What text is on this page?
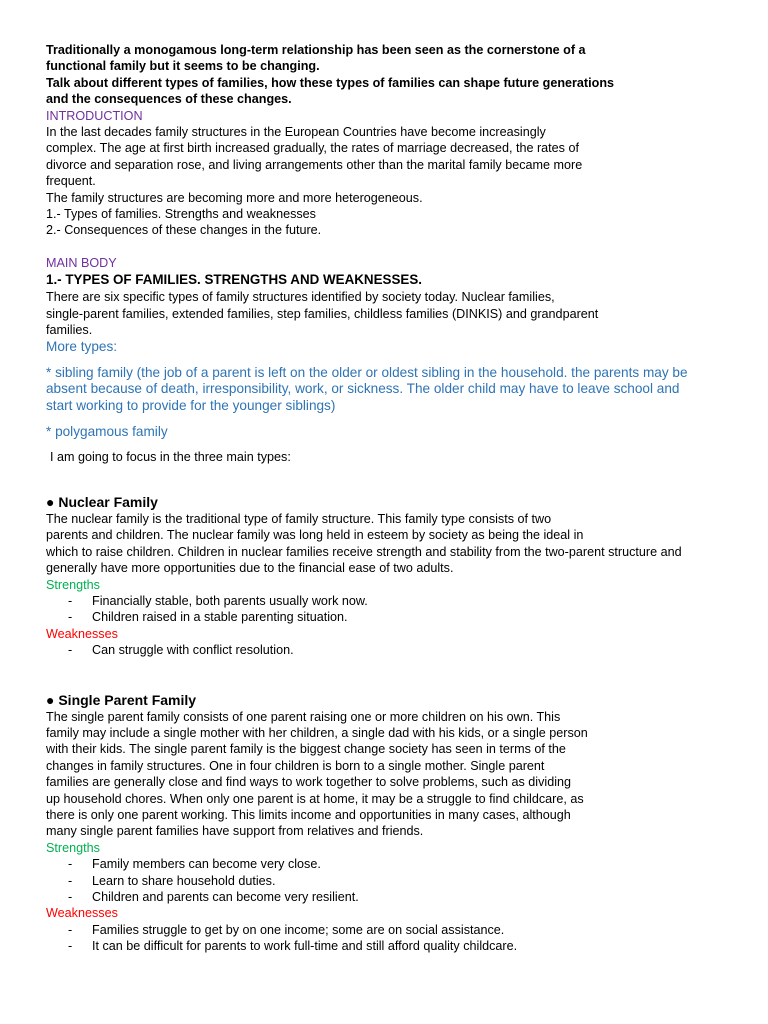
Traditionally a monogamous long-term relationship has been seen as the cornerstone of a

functional family but it seems to be changing.

Talk about different types of families, how these types of families can shape future generations

and the consequences of these changes.

INTRODUCTION

In the last decades family structures in the European Countries have become increasingly

complex. The age at first birth increased gradually, the rates of marriage decreased, the rates of

divorce and separation rose, and living arrangements other than the marital family became more

frequent.

The family structures are becoming more and more heterogeneous.

1.- Types of families. Strengths and weaknesses

2.- Consequences of these changes in the future.

MAIN BODY

1.- TYPES OF FAMILIES. STRENGTHS AND WEAKNESSES.

There are six specific types of family structures identified by society today. Nuclear families,

single-parent families, extended families, step families, childless families (DINKIS) and grandparent

families.

More types:

* sibling family (the job of a parent is left on the older or oldest sibling in the household. the parents may be

absent because of death, irresponsibility, work, or sickness. The older child may have to leave school and

start working to provide for the younger siblings)

* polygamous family

I am going to focus in the three main types:

● Nuclear Family

The nuclear family is the traditional type of family structure. This family type consists of two

parents and children. The nuclear family was long held in esteem by society as being the ideal in

which to raise children. Children in nuclear families receive strength and stability from the two-parent structure and

generally have more opportunities due to the financial ease of two adults.

Strengths

-	Financially stable, both parents usually work now.
-	Children raised in a stable parenting situation.

Weaknesses

-	Can struggle with conflict resolution.

● Single Parent Family

The single parent family consists of one parent raising one or more children on his own. This

family may include a single mother with her children, a single dad with his kids, or a single person

with their kids. The single parent family is the biggest change society has seen in terms of the

changes in family structures. One in four children is born to a single mother. Single parent

families are generally close and find ways to work together to solve problems, such as dividing

up household chores. When only one parent is at home, it may be a struggle to find childcare, as

there is only one parent working. This limits income and opportunities in many cases, although

many single parent families have support from relatives and friends.

Strengths

-	Family members can become very close.
-	Learn to share household duties.
-	Children and parents can become very resilient.

Weaknesses

-	Families struggle to get by on one income; some are on social assistance.
-	It can be difficult for parents to work full-time and still afford quality childcare.
